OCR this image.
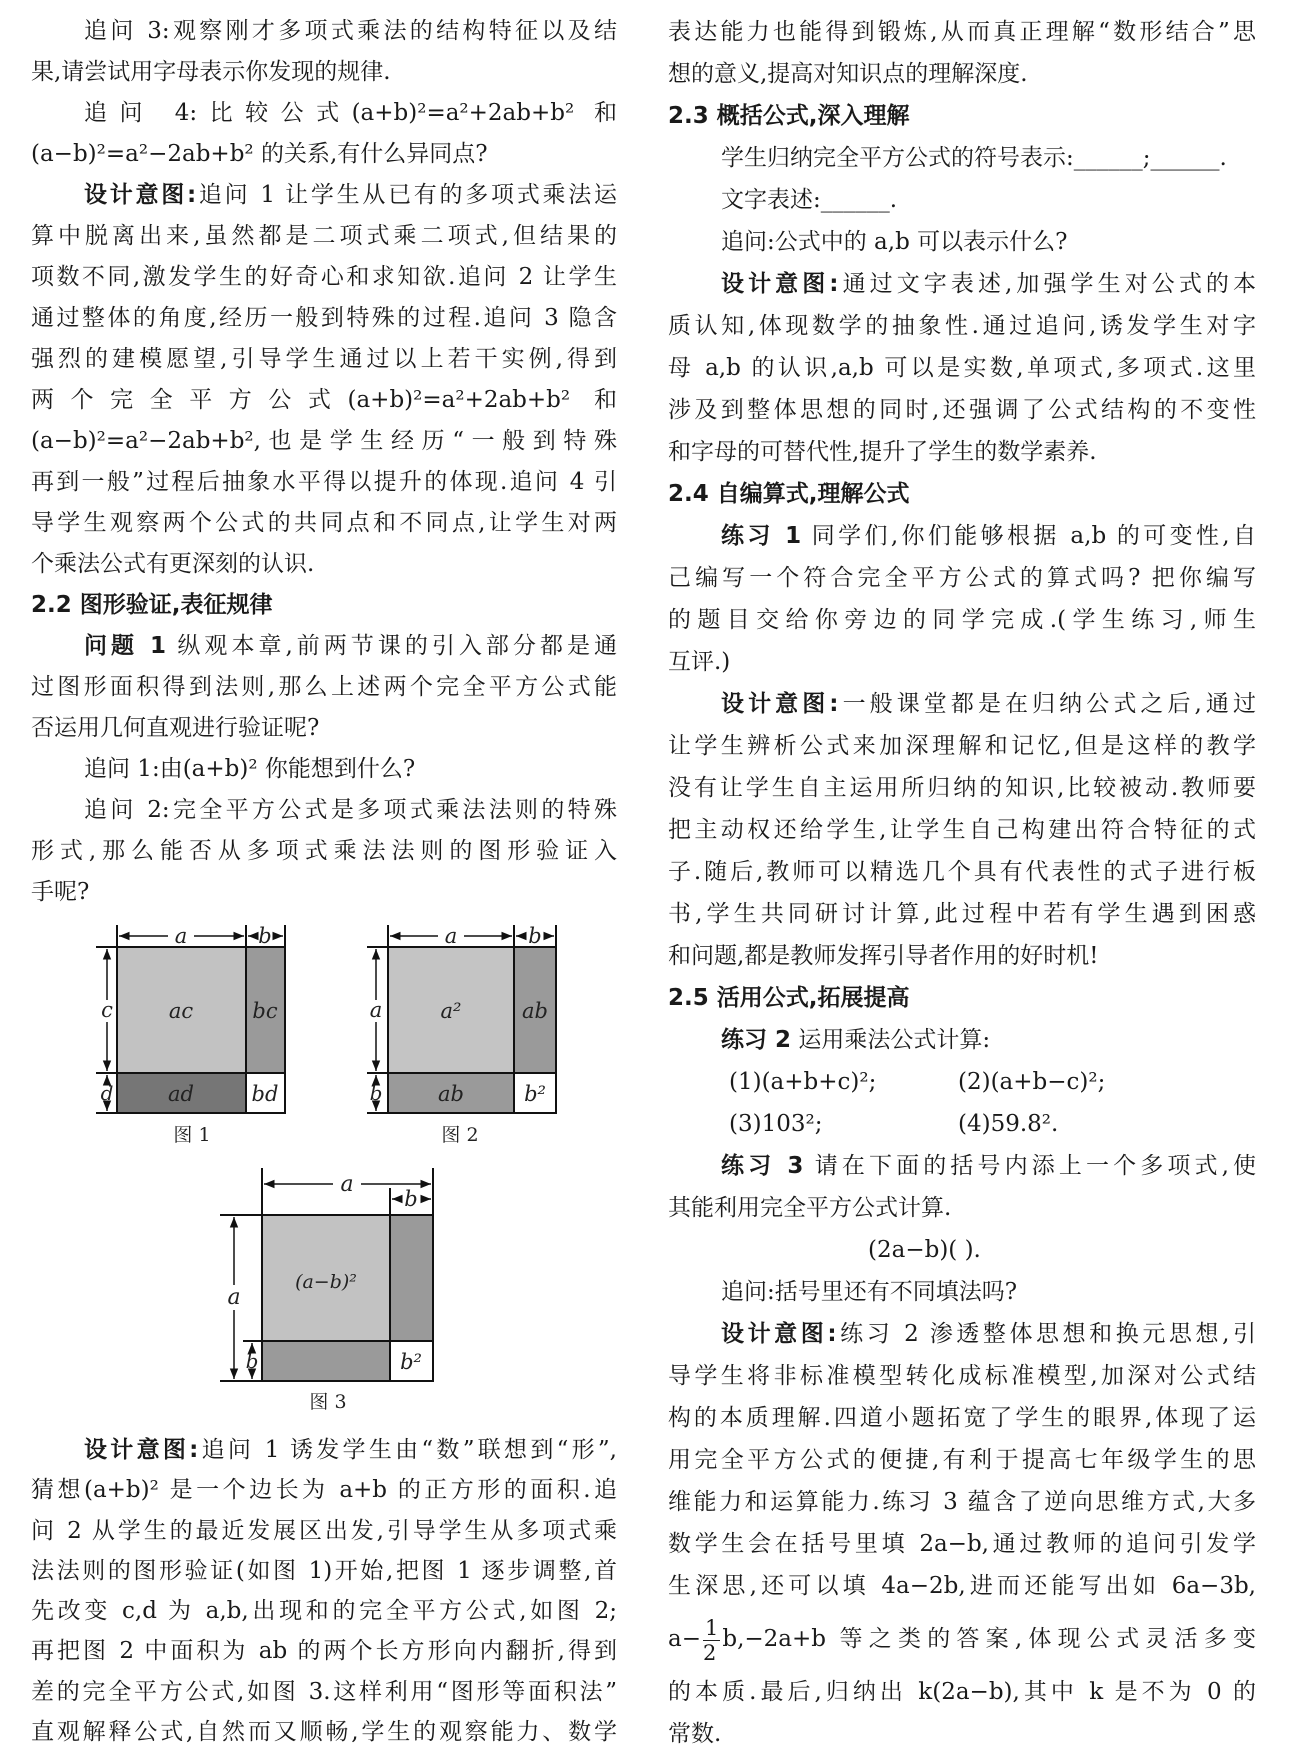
追问 3:观察刚才多项式乘法的结构特征以及结
果,请尝试用字母表示你发现的规律.
追问 4:比较公式(a+b)²=a²+2ab+b² 和
(a−b)²=a²−2ab+b² 的关系,有什么异同点?
设计意图:追问 1 让学生从已有的多项式乘法运
算中脱离出来,虽然都是二项式乘二项式,但结果的
项数不同,激发学生的好奇心和求知欲.追问 2 让学生
通过整体的角度,经历一般到特殊的过程.追问 3 隐含
强烈的建模愿望,引导学生通过以上若干实例,得到
两个完全平方公式(a+b)²=a²+2ab+b² 和
(a−b)²=a²−2ab+b²,也是学生经历“一般到特殊
再到一般”过程后抽象水平得以提升的体现.追问 4 引
导学生观察两个公式的共同点和不同点,让学生对两
个乘法公式有更深刻的认识.
2.2 图形验证,表征规律
问题 1 纵观本章,前两节课的引入部分都是通
过图形面积得到法则,那么上述两个完全平方公式能
否运用几何直观进行验证呢?
追问 1:由(a+b)² 你能想到什么?
追问 2:完全平方公式是多项式乘法法则的特殊
形式,那么能否从多项式乘法法则的图形验证入
手呢?
设计意图:追问 1 诱发学生由“数”联想到“形”,
猜想(a+b)² 是一个边长为 a+b 的正方形的面积.追
问 2 从学生的最近发展区出发,引导学生从多项式乘
法法则的图形验证(如图 1)开始,把图 1 逐步调整,首
先改变 c,d 为 a,b,出现和的完全平方公式,如图 2;
再把图 2 中面积为 ab 的两个长方形向内翻折,得到
差的完全平方公式,如图 3.这样利用“图形等面积法”
直观解释公式,自然而又顺畅,学生的观察能力、数学
表达能力也能得到锻炼,从而真正理解“数形结合”思
想的意义,提高对知识点的理解深度.
2.3 概括公式,深入理解
学生归纳完全平方公式的符号表示:______;______.
文字表述:______.
追问:公式中的 a,b 可以表示什么?
设计意图:通过文字表述,加强学生对公式的本
质认知,体现数学的抽象性.通过追问,诱发学生对字
母 a,b 的认识,a,b 可以是实数,单项式,多项式.这里
涉及到整体思想的同时,还强调了公式结构的不变性
和字母的可替代性,提升了学生的数学素养.
2.4 自编算式,理解公式
练习 1 同学们,你们能够根据 a,b 的可变性,自
己编写一个符合完全平方公式的算式吗? 把你编写
的题目交给你旁边的同学完成.(学生练习,师生
互评.)
设计意图:一般课堂都是在归纳公式之后,通过
让学生辨析公式来加深理解和记忆,但是这样的教学
没有让学生自主运用所归纳的知识,比较被动.教师要
把主动权还给学生,让学生自己构建出符合特征的式
子.随后,教师可以精选几个具有代表性的式子进行板
书,学生共同研讨计算,此过程中若有学生遇到困惑
和问题,都是教师发挥引导者作用的好时机!
2.5 活用公式,拓展提高
练习 2 运用乘法公式计算:
(1)(a+b+c)²;	(2)(a+b−c)²;
(3)103²;	(4)59.8².
练习 3 请在下面的括号内添上一个多项式,使
其能利用完全平方公式计算.
(2a−b)( ).
追问:括号里还有不同填法吗?
设计意图:练习 2 渗透整体思想和换元思想,引
导学生将非标准模型转化成标准模型,加深对公式结
构的本质理解.四道小题拓宽了学生的眼界,体现了运
用完全平方公式的便捷,有利于提高七年级学生的思
维能力和运算能力.练习 3 蕴含了逆向思维方式,大多
数学生会在括号里填 2a−b,通过教师的追问引发学
生深思,还可以填 4a−2b,进而还能写出如 6a−3b,
$a- \frac{1}{2} b,-2a+b$ 等之类的答案,体现公式灵活多变
的本质.最后,归纳出 k(2a−b),其中 k 是不为 0 的
常数.
a	b
c
d
ac	bc
ad	bd
图 1
a	b
a
b
a²	ab
ab	b²
图 2
a
b
a
b
(a−b)²
b²
图 3
